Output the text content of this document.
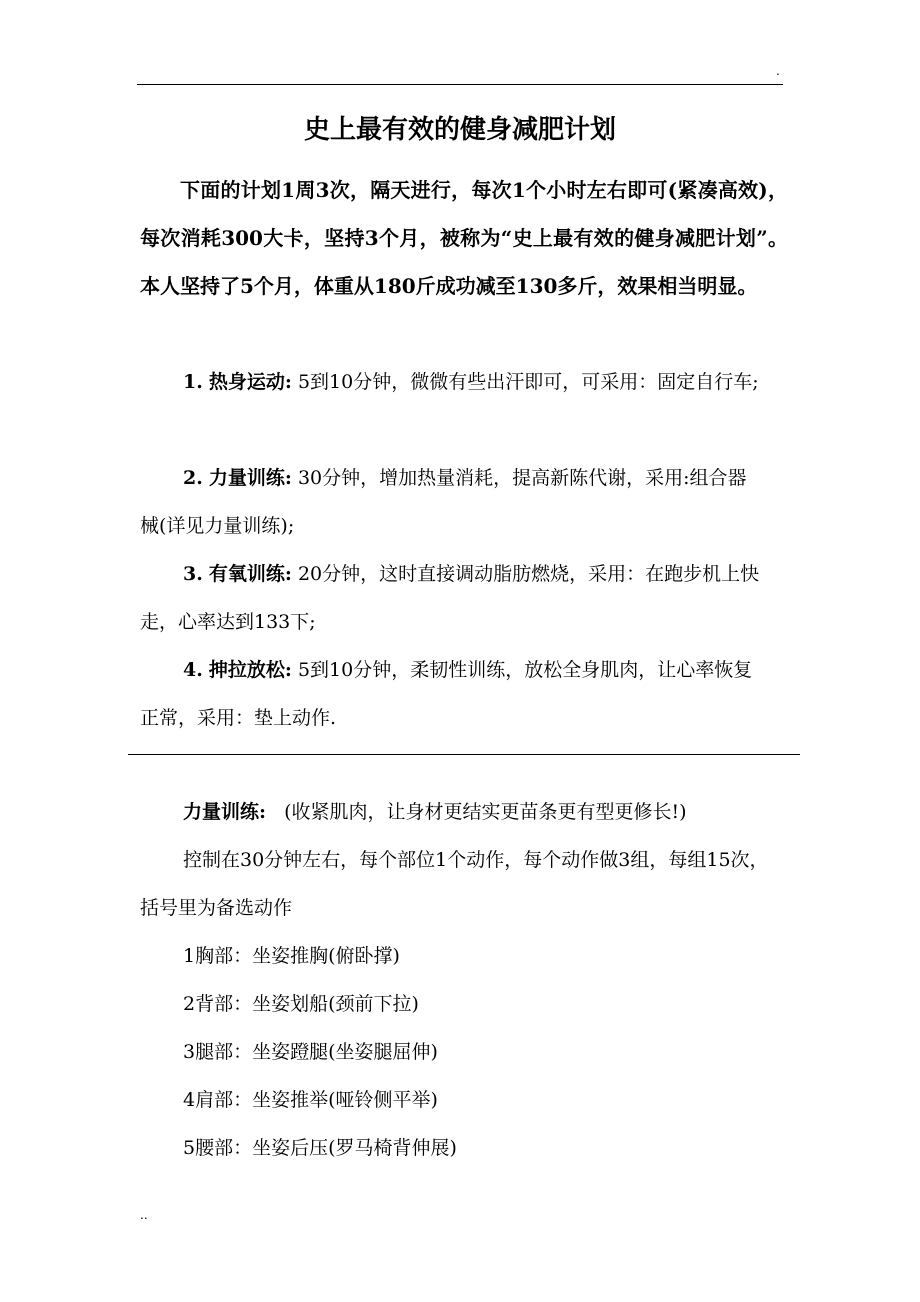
.
史上最有效的健身减肥计划

下面的计划1周3次，隔天进行，每次1个小时左右即可(紧凑高效)，每次消耗300大卡，坚持3个月，被称为“史上最有效的健身减肥计划”。本人坚持了5个月，体重从180斤成功减至130多斤，效果相当明显。

1. 热身运动: 5到10分钟，微微有些出汗即可，可采用：固定自行车;

2. 力量训练: 30分钟，增加热量消耗，提高新陈代谢，采用:组合器械(详见力量训练);

3. 有氧训练: 20分钟，这时直接调动脂肪燃烧，采用：在跑步机上快走，心率达到133下;

4. 抻拉放松: 5到10分钟，柔韧性训练，放松全身肌肉，让心率恢复正常，采用：垫上动作.

力量训练:   (收紧肌肉，让身材更结实更苗条更有型更修长!)

控制在30分钟左右，每个部位1个动作，每个动作做3组，每组15次，括号里为备选动作

1胸部：坐姿推胸(俯卧撑)

2背部：坐姿划船(颈前下拉)

3腿部：坐姿蹬腿(坐姿腿屈伸)

4肩部：坐姿推举(哑铃侧平举)

5腰部：坐姿后压(罗马椅背伸展)

..
